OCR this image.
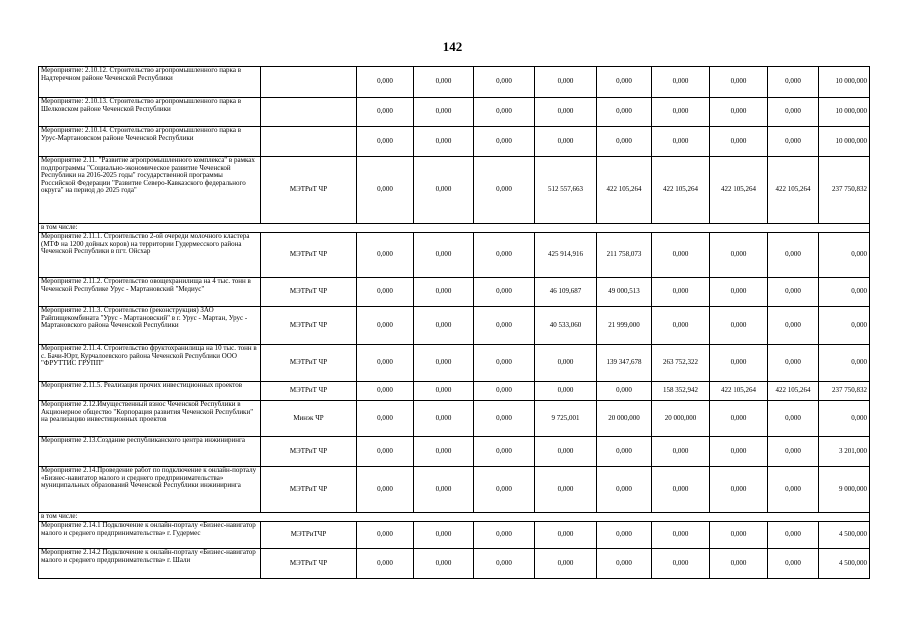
142
Мероприятие: 2.10.12. Строительство агропромышленного парка в Надтеречном районе Чеченской Республики		0,000	0,000	0,000	0,000	0,000	0,000	0,000	0,000	10 000,000
Мероприятие: 2.10.13. Строительство агропромышленного парка в Шелковском районе Чеченской Республики		0,000	0,000	0,000	0,000	0,000	0,000	0,000	0,000	10 000,000
Мероприятие: 2.10.14. Строительство агропромышленного парка в Урус-Мартановском районе Чеченской Республики		0,000	0,000	0,000	0,000	0,000	0,000	0,000	0,000	10 000,000
Мероприятие 2.11. "Развитие агропромышленного комплекса" в рамках подпрограммы "Социально-экономическое развитие Чеченской Республики на 2016-2025 годы" государственной программы Российской Федерации "Развитие Северо-Кавказского федерального округа" на период до 2025 года"	МЭТРиТ ЧР	0,000	0,000	0,000	512 557,663	422 105,264	422 105,264	422 105,264	422 105,264	237 750,832
в том числе:										
Мероприятие 2.11.1. Строительство 2-ой очереди молочного кластера (МТФ на 1200 дойных коров) на территории Гудермесского района Чеченской Республики в пгт. Ойсхар	МЭТРиТ ЧР	0,000	0,000	0,000	425 914,916	211 758,073	0,000	0,000	0,000	0,000
Мероприятие 2.11.2. Строительство овощехранилища на 4 тыс. тонн в Чеченской Республике Урус - Мартановский "Медиус"	МЭТРиТ ЧР	0,000	0,000	0,000	46 109,687	49 000,513	0,000	0,000	0,000	0,000
Мероприятие 2.11.3. Строительство (реконструкция) ЗАО Райпищекомбината "Урус - Мартановский" в г. Урус - Мартан, Урус - Мартановского района Чеченской Республики	МЭТРиТ ЧР	0,000	0,000	0,000	40 533,060	21 999,000	0,000	0,000	0,000	0,000
Мероприятие 2.11.4. Строительство фруктохранилища на 10 тыс. тонн в с. Бачи-Юрт, Курчалоевского района Чеченской Республики ООО "ФРУТТИС ГРУПП"	МЭТРиТ ЧР	0,000	0,000	0,000	0,000	139 347,678	263 752,322	0,000	0,000	0,000
Мероприятие 2.11.5. Реализация прочих инвестиционных проектов	МЭТРиТ ЧР	0,000	0,000	0,000	0,000	0,000	158 352,942	422 105,264	422 105,264	237 750,832
Мероприятие 2.12.Имущественный взнос Чеченской Республики в Акционерное общество "Корпорация развития Чеченской Республики" на реализацию инвестиционных проектов	Минэк ЧР	0,000	0,000	0,000	9 725,001	20 000,000	20 000,000	0,000	0,000	0,000
Мероприятие 2.13.Создание республиканского центра инжиниринга	МЭТРиТ ЧР	0,000	0,000	0,000	0,000	0,000	0,000	0,000	0,000	3 201,000
Мероприятие 2.14.Проведение работ по подключение к онлайн-порталу «Бизнес-навигатор малого и среднего предпринимательства» муниципальных образований Чеченской Республики инжиниринга	МЭТРиТ ЧР	0,000	0,000	0,000	0,000	0,000	0,000	0,000	0,000	9 000,000
в том числе:										
Мероприятие 2.14.1 Подключение к онлайн-порталу «Бизнес-навигатор малого и среднего предпринимательства» г. Гудермес	МЭТРиТЧР	0,000	0,000	0,000	0,000	0,000	0,000	0,000	0,000	4 500,000
Мероприятие 2.14.2 Подключение к онлайн-порталу «Бизнес-навигатор малого и среднего предпринимательства» г. Шали	МЭТРиТ ЧР	0,000	0,000	0,000	0,000	0,000	0,000	0,000	0,000	4 500,000
